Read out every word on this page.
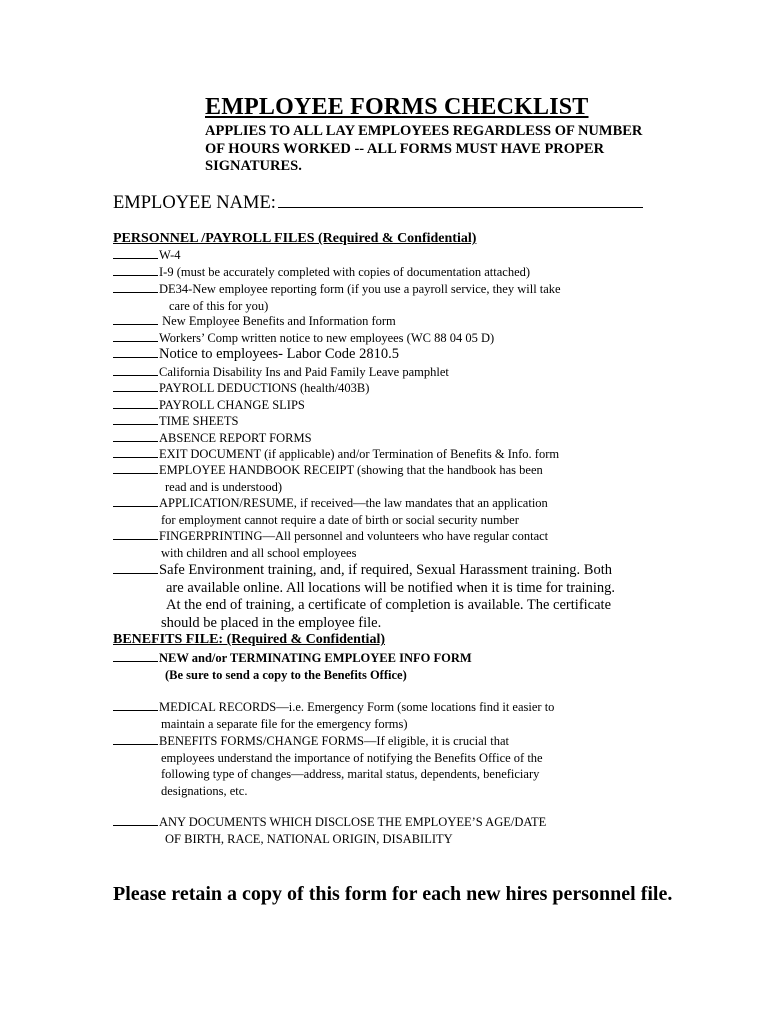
EMPLOYEE FORMS CHECKLIST
APPLIES TO ALL LAY EMPLOYEES REGARDLESS OF NUMBER OF HOURS WORKED -- ALL FORMS MUST HAVE PROPER SIGNATURES.
EMPLOYEE NAME:
PERSONNEL /PAYROLL FILES (Required & Confidential)
W-4
I-9 (must be accurately completed with copies of documentation attached)
DE34-New employee reporting form (if you use a payroll service, they will take
care of this for you)
New Employee Benefits and Information form
Workers’ Comp written notice to new employees (WC 88 04 05 D)
Notice to employees- Labor Code 2810.5
California Disability Ins and Paid Family Leave pamphlet
PAYROLL DEDUCTIONS (health/403B)
PAYROLL CHANGE SLIPS
TIME SHEETS
ABSENCE REPORT FORMS
EXIT DOCUMENT (if applicable) and/or Termination of Benefits & Info. form
EMPLOYEE HANDBOOK RECEIPT (showing that the handbook has been
read and is understood)
APPLICATION/RESUME, if received—the law mandates that an application
for employment cannot require a date of birth or social security number
FINGERPRINTING—All personnel and volunteers who have regular contact
with children and all school employees
Safe Environment training, and, if required, Sexual Harassment training. Both
are available online. All locations will be notified when it is time for training.
At the end of training, a certificate of completion is available. The certificate
should be placed in the employee file.
BENEFITS FILE: (Required & Confidential)
NEW and/or TERMINATING EMPLOYEE INFO FORM
(Be sure to send a copy to the Benefits Office)
MEDICAL RECORDS—i.e. Emergency Form (some locations find it easier to
maintain a separate file for the emergency forms)
BENEFITS FORMS/CHANGE FORMS—If eligible, it is crucial that
employees understand the importance of notifying the Benefits Office of the
following type of changes—address, marital status, dependents, beneficiary
designations, etc.
ANY DOCUMENTS WHICH DISCLOSE THE EMPLOYEE’S AGE/DATE
OF BIRTH, RACE, NATIONAL ORIGIN, DISABILITY
Please retain a copy of this form for each new hires personnel file.
